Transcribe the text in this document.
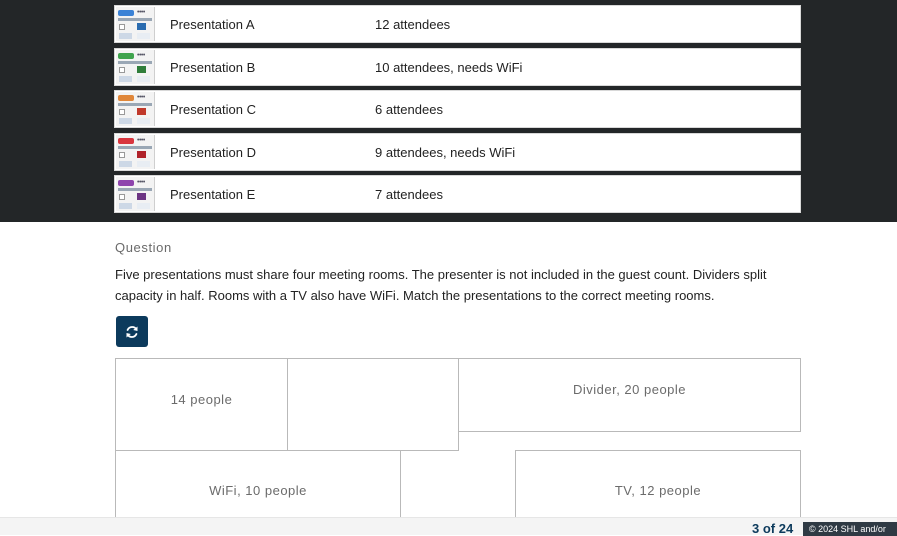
••••
Presentation A	12 attendees
••••
Presentation B	10 attendees, needs WiFi
••••
Presentation C	6 attendees
••••
Presentation D	9 attendees, needs WiFi
••••
Presentation E	7 attendees
Question
Five presentations must share four meeting rooms. The presenter is not included in the guest count. Dividers split capacity in half. Rooms with a TV also have WiFi. Match the presentations to the correct meeting rooms.
14 people
Divider, 20 people
WiFi, 10 people	TV, 12 people
3 of 24	© 2024 SHL and/or
